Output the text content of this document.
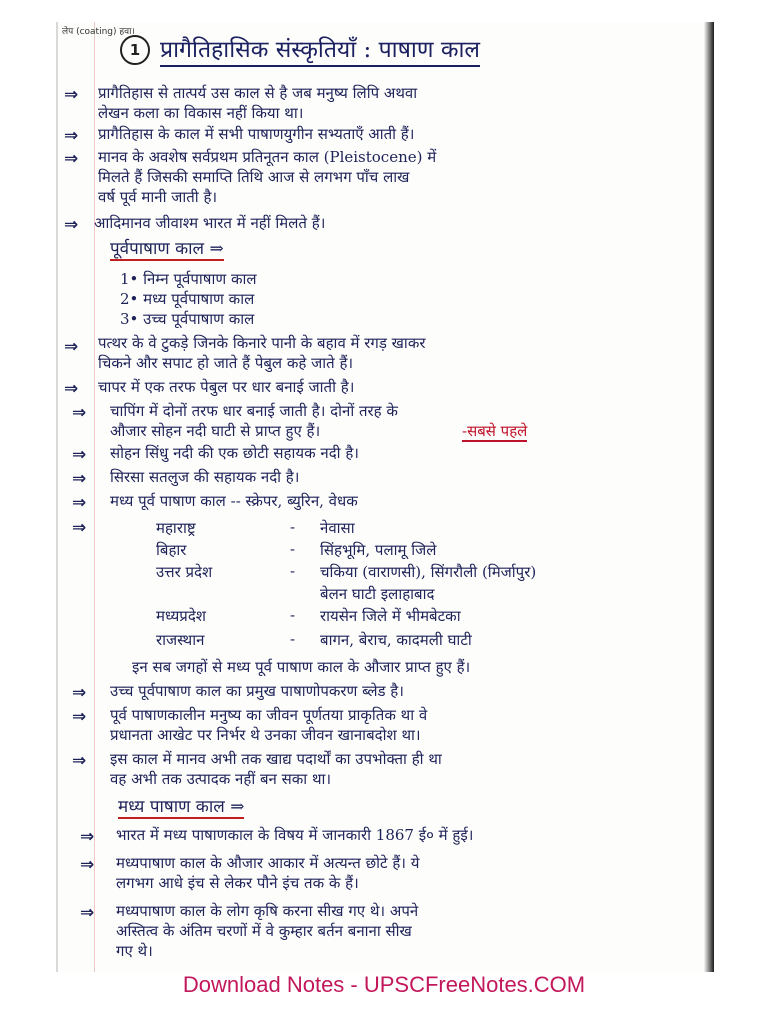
लेप (coating) हवा।
1 प्रागैतिहासिक संस्कृतियाँ : पाषाण काल
⇒ प्रागैतिहास से तात्पर्य उस काल से है जब मनुष्य लिपि अथवा
लेखन कला का विकास नहीं किया था।
⇒ प्रागैतिहास के काल में सभी पाषाणयुगीन सभ्यताएँ आती हैं।
⇒ मानव के अवशेष सर्वप्रथम प्रतिनूतन काल (Pleistocene) में
मिलते हैं जिसकी समाप्ति तिथि आज से लगभग पाँच लाख
वर्ष पूर्व मानी जाती है।
⇒ आदिमानव जीवाश्म भारत में नहीं मिलते हैं।
पूर्वपाषाण काल ⇒
1• निम्न पूर्वपाषाण काल
2• मध्य पूर्वपाषाण काल
3• उच्च पूर्वपाषाण काल
⇒ पत्थर के वे टुकड़े जिनके किनारे पानी के बहाव में रगड़ खाकर
चिकने और सपाट हो जाते हैं पेबुल कहे जाते हैं।
⇒ चापर में एक तरफ पेबुल पर धार बनाई जाती है।
⇒ चापिंग में दोनों तरफ धार बनाई जाती है। दोनों तरह के
औजार सोहन नदी घाटी से प्राप्त हुए हैं।	-सबसे पहले
⇒ सोहन सिंधु नदी की एक छोटी सहायक नदी है।
⇒ सिरसा सतलुज की सहायक नदी है।
⇒ मध्य पूर्व पाषाण काल -- स्क्रेपर, ब्युरिन, वेधक
⇒	महाराष्ट्र	- नेवासा
बिहार	- सिंहभूमि, पलामू जिले
उत्तर प्रदेश	- चकिया (वाराणसी), सिंगरौली (मिर्जापुर)
बेलन घाटी इलाहाबाद
मध्यप्रदेश	- रायसेन जिले में भीमबेटका
राजस्थान	- बागन, बेराच, कादमली घाटी
इन सब जगहों से मध्य पूर्व पाषाण काल के औजार प्राप्त हुए हैं।
⇒ उच्च पूर्वपाषाण काल का प्रमुख पाषाणोपकरण ब्लेड है।
⇒ पूर्व पाषाणकालीन मनुष्य का जीवन पूर्णतया प्राकृतिक था वे
प्रधानता आखेट पर निर्भर थे उनका जीवन खानाबदोश था।
⇒ इस काल में मानव अभी तक खाद्य पदार्थों का उपभोक्ता ही था
वह अभी तक उत्पादक नहीं बन सका था।
मध्य पाषाण काल ⇒
⇒ भारत में मध्य पाषाणकाल के विषय में जानकारी 1867 ई० में हुई।
⇒ मध्यपाषाण काल के औजार आकार में अत्यन्त छोटे हैं। ये
लगभग आधे इंच से लेकर पौने इंच तक के हैं।
⇒ मध्यपाषाण काल के लोग कृषि करना सीख गए थे। अपने
अस्तित्व के अंतिम चरणों में वे कुम्हार बर्तन बनाना सीख
गए थे।
Download Notes - UPSCFreeNotes.COM
